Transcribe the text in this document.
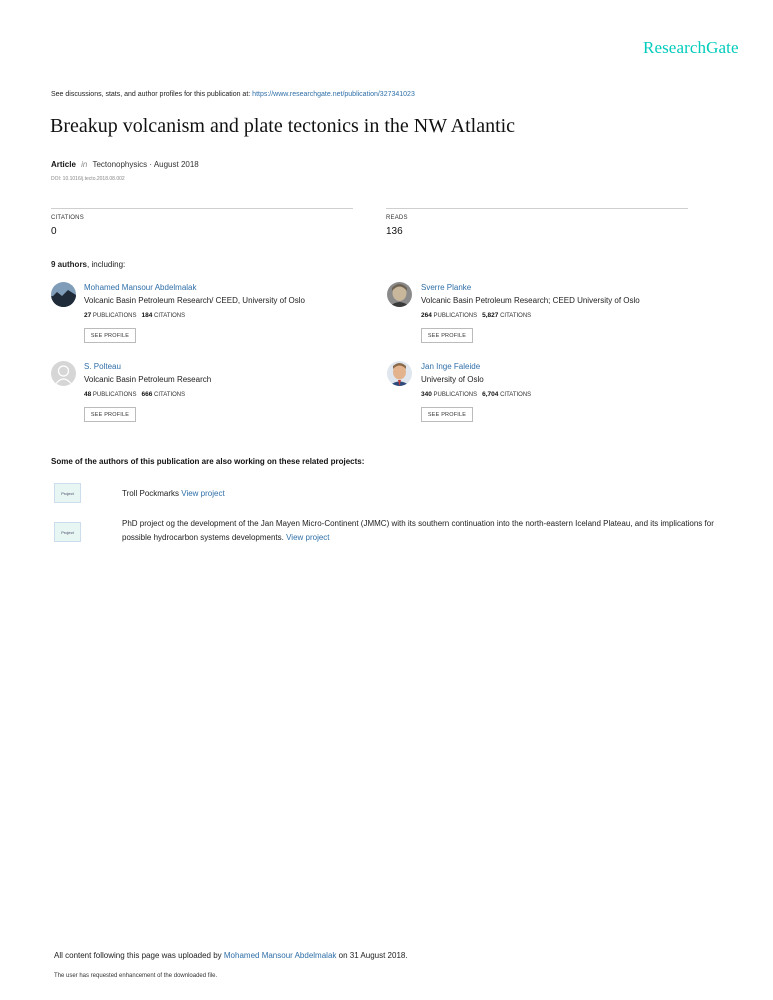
ResearchGate
See discussions, stats, and author profiles for this publication at: https://www.researchgate.net/publication/327341023
Breakup volcanism and plate tectonics in the NW Atlantic
Article in Tectonophysics · August 2018
DOI: 10.1016/j.tecto.2018.08.002
CITATIONS
0
READS
136
9 authors, including:
Mohamed Mansour Abdelmalak
Volcanic Basin Petroleum Research/ CEED, University of Oslo
27 PUBLICATIONS 184 CITATIONS
SEE PROFILE
Sverre Planke
Volcanic Basin Petroleum Research; CEED University of Oslo
264 PUBLICATIONS 5,827 CITATIONS
SEE PROFILE
S. Polteau
Volcanic Basin Petroleum Research
48 PUBLICATIONS 666 CITATIONS
SEE PROFILE
Jan Inge Faleide
University of Oslo
340 PUBLICATIONS 6,704 CITATIONS
SEE PROFILE
Some of the authors of this publication are also working on these related projects:
Project	Troll Pockmarks View project
Project
PhD project og the development of the Jan Mayen Micro-Continent (JMMC) with its southern continuation into the north-eastern Iceland Plateau, and its implications for possible hydrocarbon systems developments. View project
All content following this page was uploaded by Mohamed Mansour Abdelmalak on 31 August 2018.
The user has requested enhancement of the downloaded file.
